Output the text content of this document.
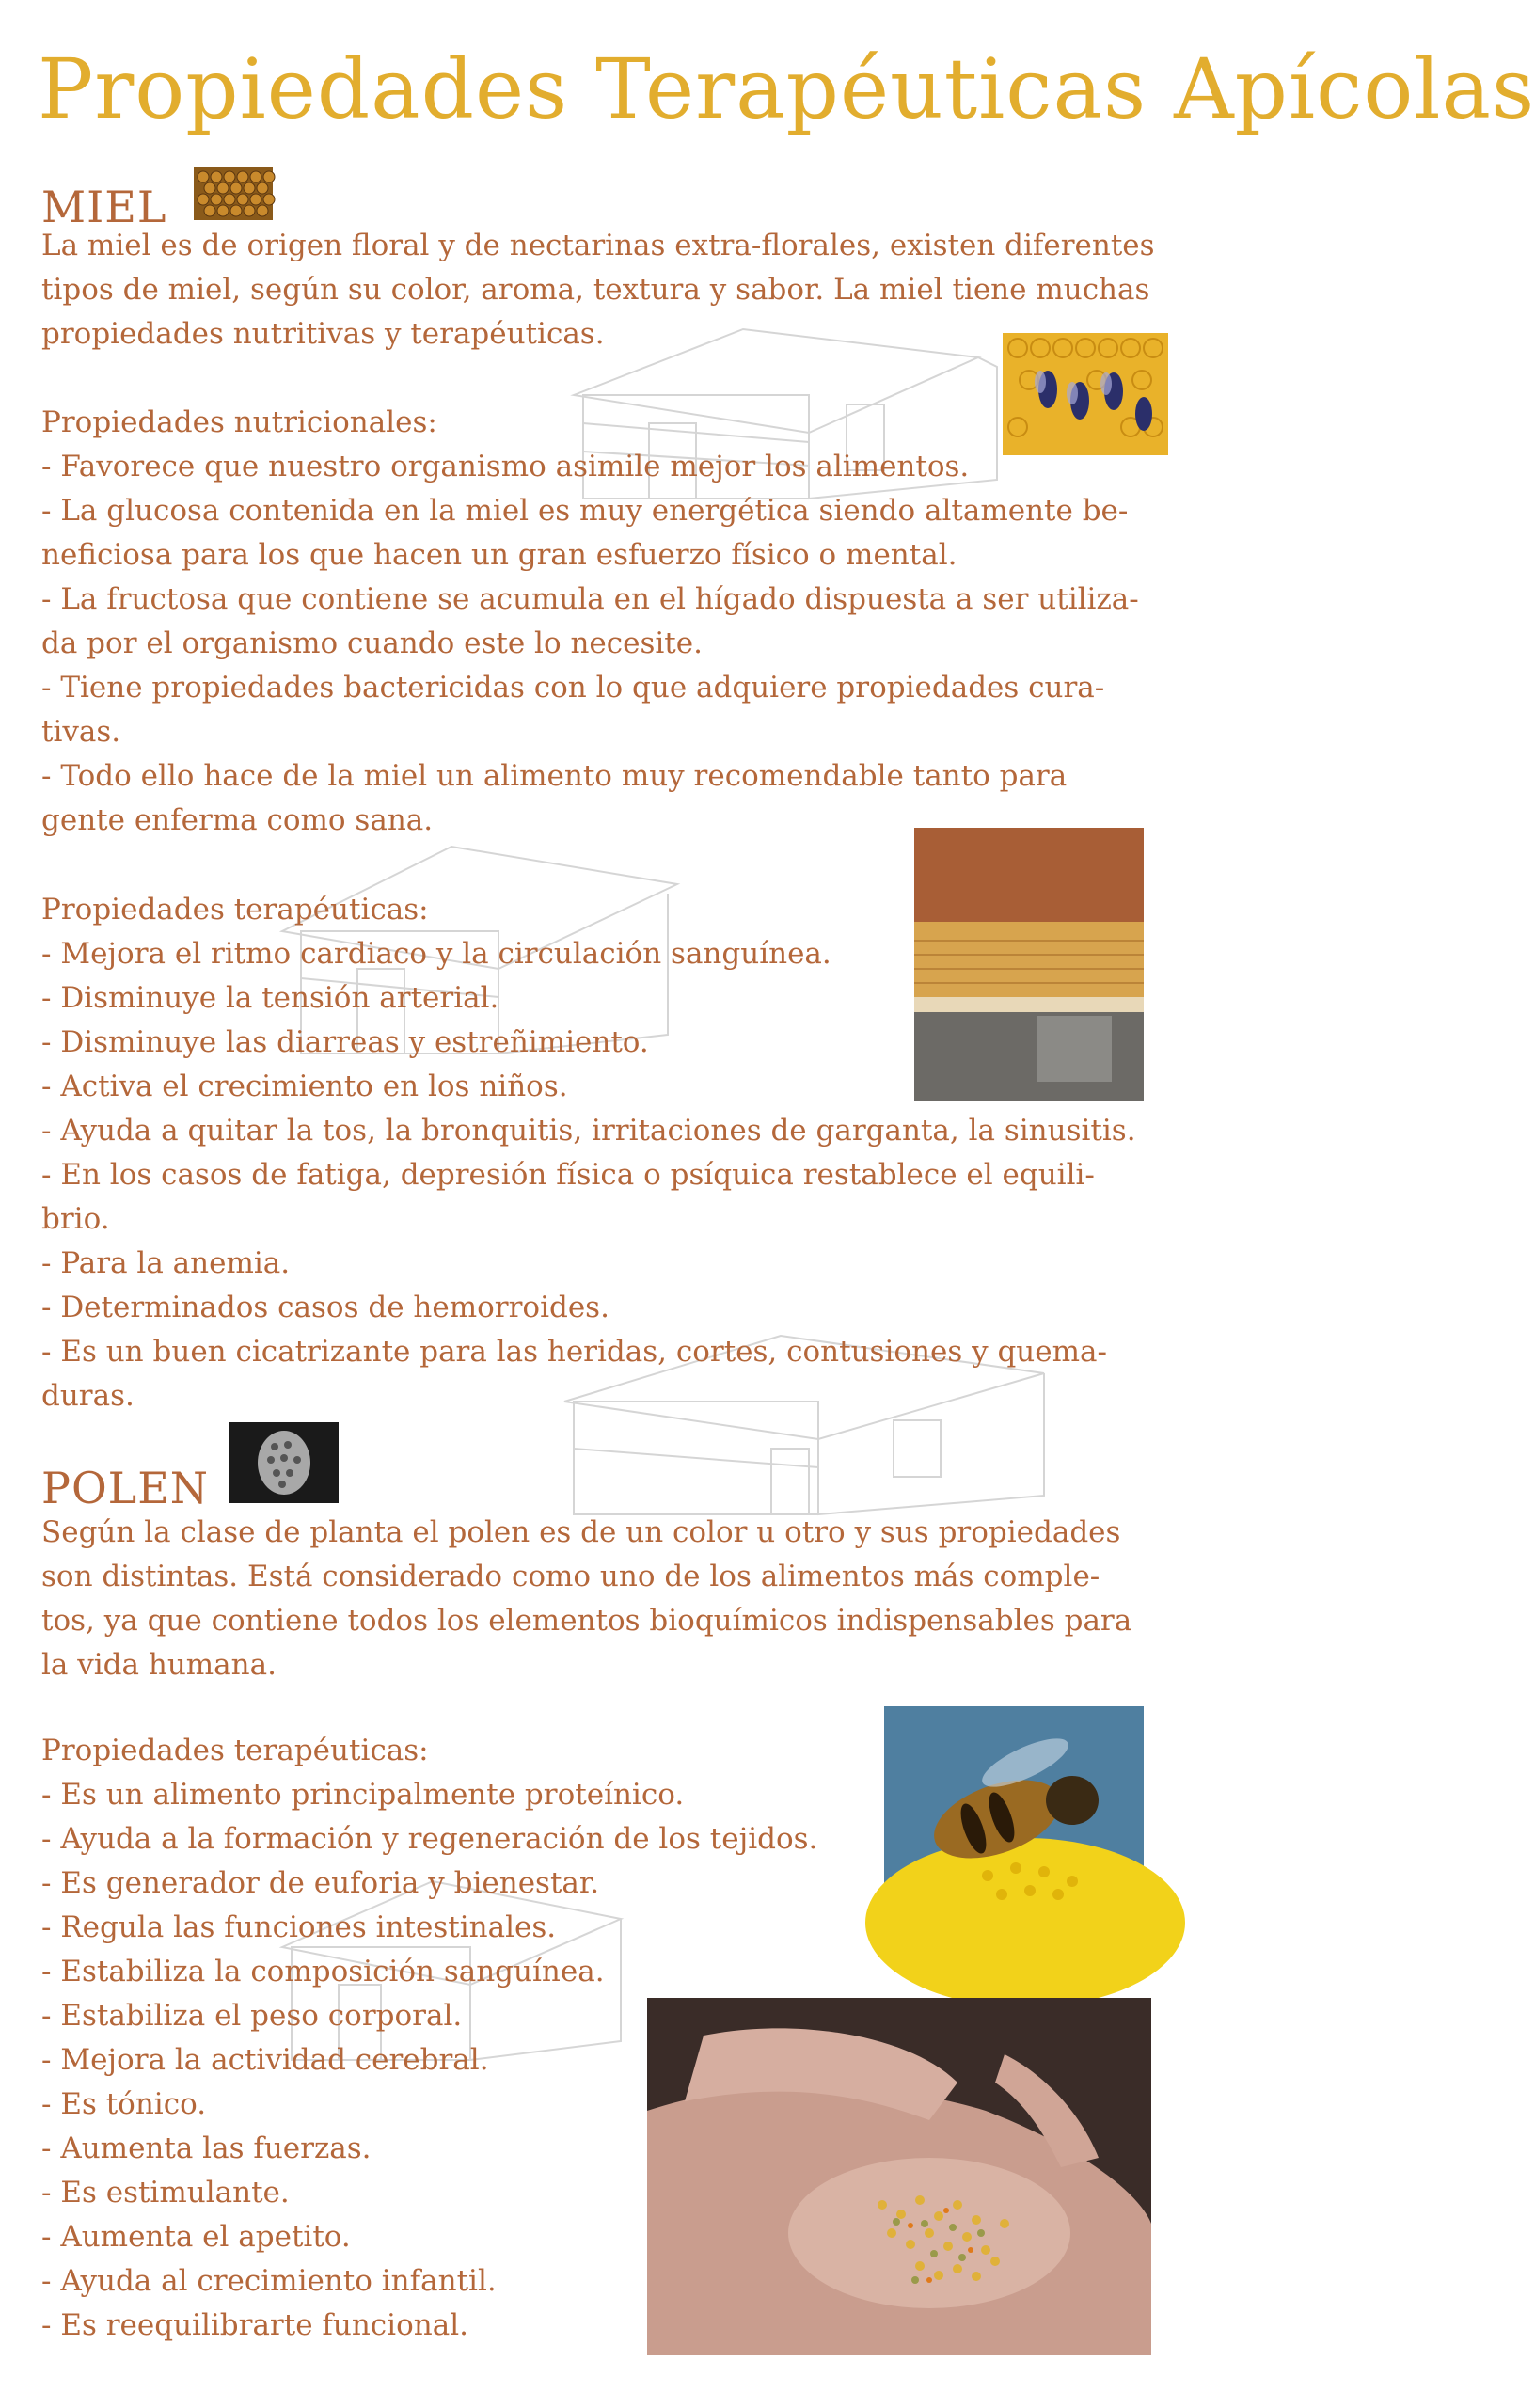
Propiedades Terapéuticas Apícolas
MIEL
La miel es de origen floral y de nectarinas extra-florales, existen diferentes
tipos de miel, según su color, aroma, textura y sabor. La miel tiene muchas
propiedades nutritivas y terapéuticas.
Propiedades nutricionales:
- Favorece que nuestro organismo asimile mejor los alimentos.
- La glucosa contenida en la miel es muy energética siendo altamente be-
neficiosa para los que hacen un gran esfuerzo físico o mental.
- La fructosa que contiene se acumula en el hígado dispuesta a ser utiliza-
da por el organismo cuando este lo necesite.
- Tiene propiedades bactericidas con lo que adquiere propiedades cura-
tivas.
- Todo ello hace de la miel un alimento muy recomendable tanto para
gente enferma como sana.
Propiedades terapéuticas:
- Mejora el ritmo cardiaco y la circulación sanguínea.
- Disminuye la tensión arterial.
- Disminuye las diarreas y estreñimiento.
- Activa el crecimiento en los niños.
- Ayuda a quitar la tos, la bronquitis, irritaciones de garganta, la sinusitis.
- En los casos de fatiga, depresión física o psíquica restablece el equili-
brio.
- Para la anemia.
- Determinados casos de hemorroides.
- Es un buen cicatrizante para las heridas, cortes, contusiones y quema-
duras.
POLEN
Según la clase de planta el polen es de un color u otro y sus propiedades
son distintas. Está considerado como uno de los alimentos más comple-
tos, ya que contiene todos los elementos bioquímicos indispensables para
la vida humana.
Propiedades terapéuticas:
- Es un alimento principalmente proteínico.
- Ayuda a la formación y regeneración de los tejidos.
- Es generador de euforia y bienestar.
- Regula las funciones intestinales.
- Estabiliza la composición sanguínea.
- Estabiliza el peso corporal.
- Mejora la actividad cerebral.
- Es tónico.
- Aumenta las fuerzas.
- Es estimulante.
- Aumenta el apetito.
- Ayuda al crecimiento infantil.
- Es reequilibrarte funcional.
